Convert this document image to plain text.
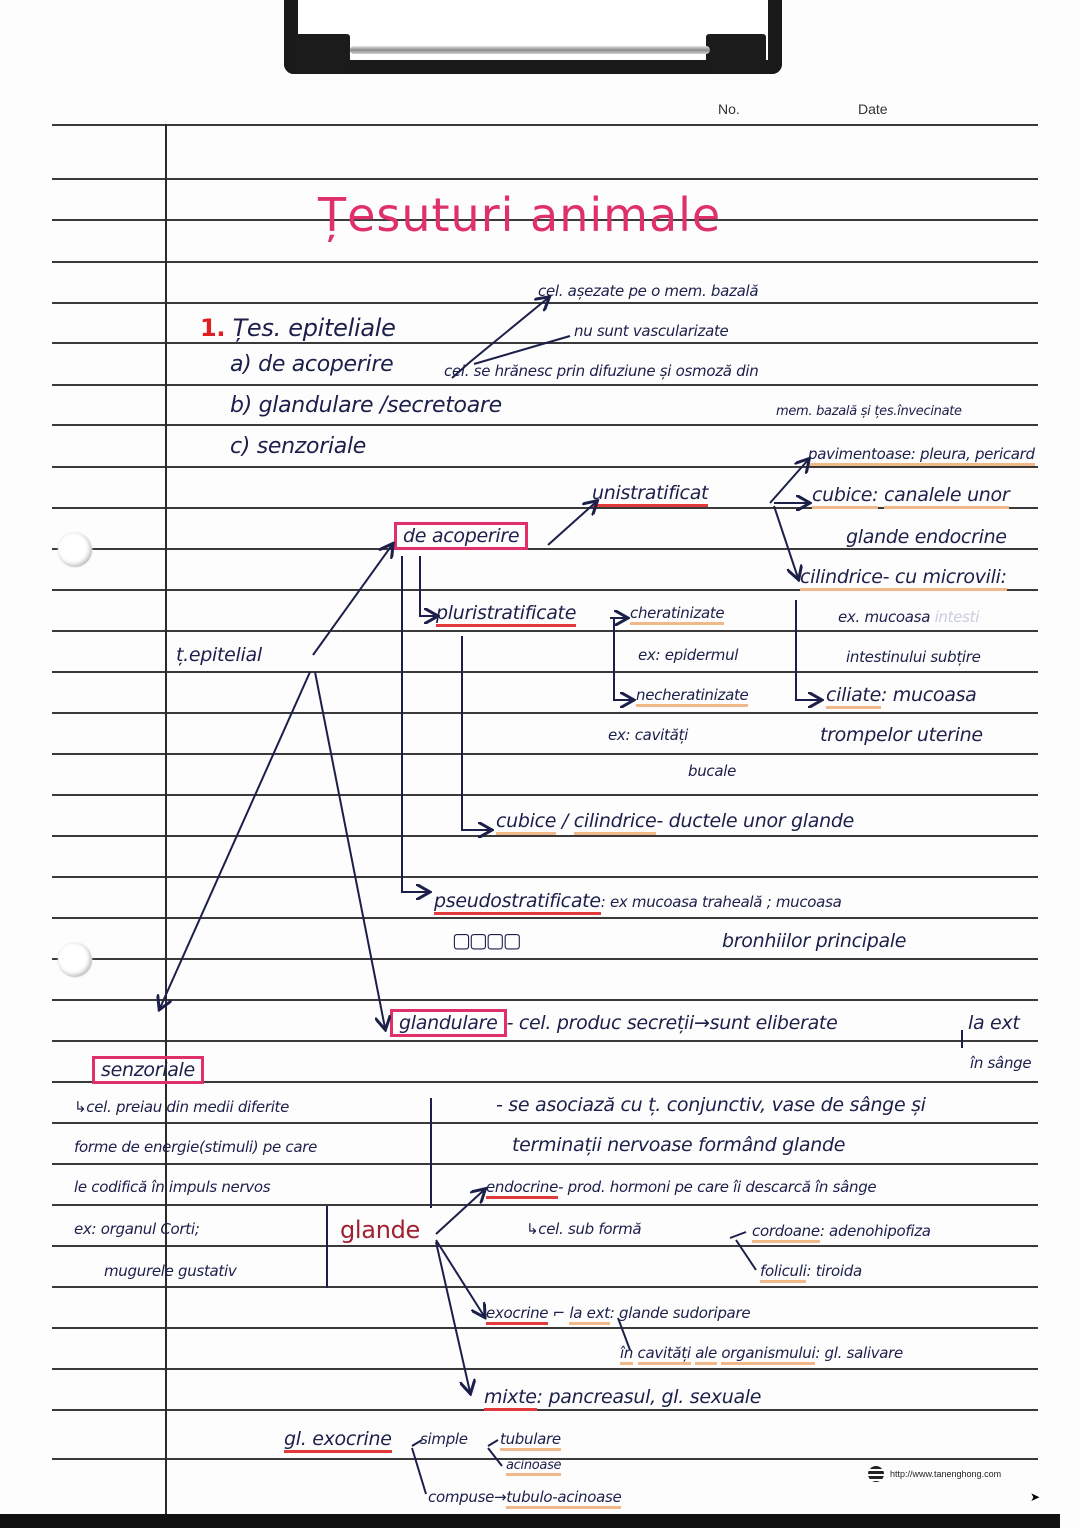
No.	Date
Țesuturi animale
1. Țes. epiteliale
a) de acoperire
b) glandulare /secretoare
c) senzoriale
cel. așezate pe o mem. bazală
nu sunt vascularizate
cel. se hrănesc prin difuziune și osmoză din
mem. bazală și țes.învecinate
ț.epitelial
de acoperire
unistratificat
pavimentoase: pleura, pericard
cubice: canalele unor
glande endocrine
cilindrice- cu microvili:
ex. mucoasa intesti
intestinului subțire
ciliate: mucoasa
trompelor uterine
pluristratificate	cheratinizate
ex: epidermul
necheratinizate
ex: cavități
bucale
cubice / cilindrice- ductele unor glande
pseudostratificate: ex mucoasa traheală ; mucoasa
▢▢▢▢	bronhiilor principale
glandulare - cel. produc secreții→sunt eliberate	la ext
în sânge
- se asociază cu ț. conjunctiv, vase de sânge și
terminații nervoase formând glande
senzoriale
↳cel. preiau din medii diferite
forme de energie(stimuli) pe care
le codifică în impuls nervos
ex: organul Corti;
mugurele gustativ
glande
endocrine- prod. hormoni pe care îi descarcă în sânge
↳cel. sub formă	cordoane: adenohipofiza
foliculi: tiroida
exocrine ⌐ la ext: glande sudoripare
în cavități ale organismului: gl. salivare
mixte: pancreasul, gl. sexuale
gl. exocrine simple tubulare
acinoase
compuse→tubulo-acinoase
http://www.tanenghong.com
➤
